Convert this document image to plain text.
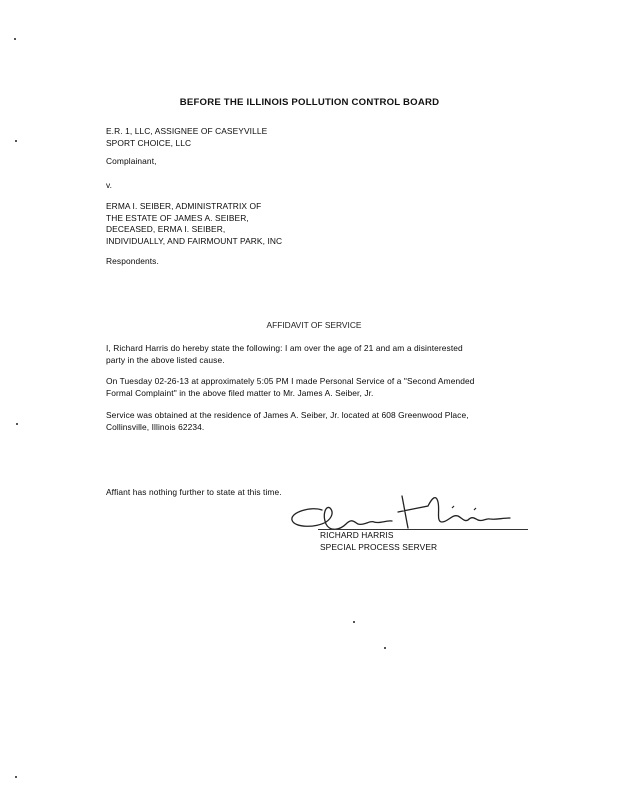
BEFORE THE ILLINOIS POLLUTION CONTROL BOARD
E.R. 1, LLC, ASSIGNEE OF CASEYVILLE
SPORT CHOICE, LLC
Complainant,
v.
ERMA I. SEIBER, ADMINISTRATRIX OF
THE ESTATE OF JAMES A. SEIBER,
DECEASED, ERMA I. SEIBER,
INDIVIDUALLY, AND FAIRMOUNT PARK, INC
Respondents.
AFFIDAVIT OF SERVICE
I, Richard Harris do hereby state the following: I am over the age of 21 and am a disinterested
party in the above listed cause.
On Tuesday 02-26-13 at approximately 5:05 PM I made Personal Service of a "Second Amended
Formal Complaint" in the above filed matter to Mr. James A. Seiber, Jr.
Service was obtained at the residence of James A. Seiber, Jr. located at 608 Greenwood Place,
Collinsville, Illinois 62234.
Affiant has nothing further to state at this time.
RICHARD HARRIS
SPECIAL PROCESS SERVER
